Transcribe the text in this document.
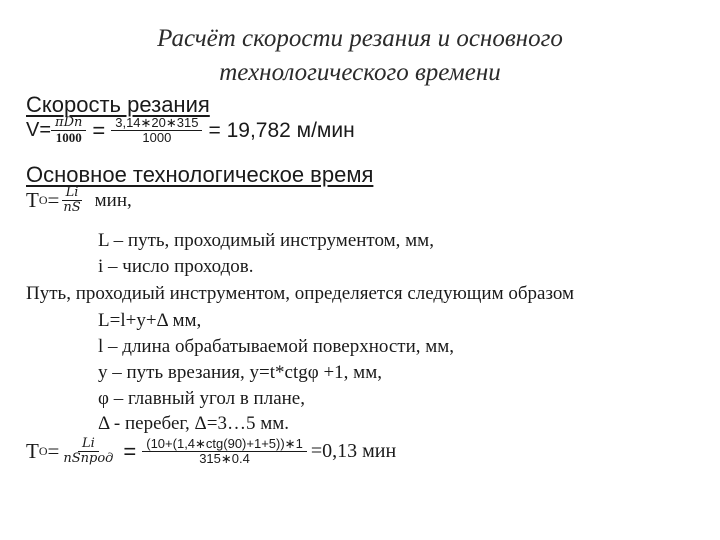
Расчёт скорости резания и основного
технологического времени
Скорость резания
$V= \frac{\text{πDn}}{1000} = \frac{3,14∗20∗315}{1000} = 19,782$ м/мин
Основное технологическое время
T $О = \frac{Li}{nS}$ мин,
L – путь, проходимый инструментом, мм,
i – число проходов.
Путь, проходиый инструментом, определяется следующим образом
L=l+y+Δ мм,
l – длина обрабатываемой поверхности, мм,
y – путь врезания, y=t*ctgφ +1, мм,
φ – главный угол в плане,
Δ - перебег, Δ=3…5 мм.
T $О = \frac{Li}{\text{nSпрод}} = \frac{\text{(10+(1,4∗ctg(90)+1+5))∗1}}{315∗0.4} =0,13$ мин
